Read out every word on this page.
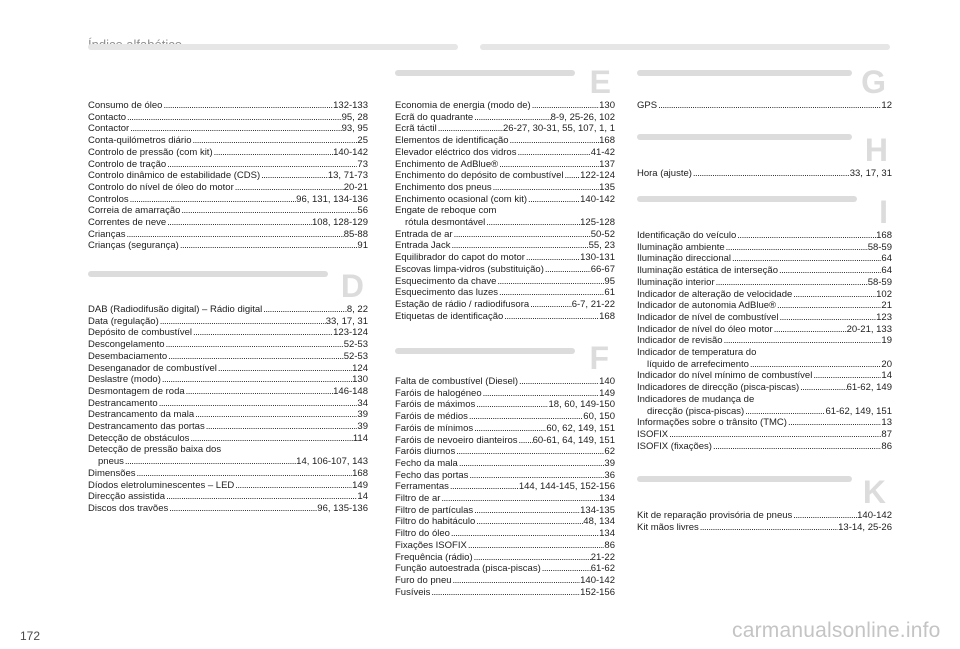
Consumo de óleo .....	132-133
Contacto .....	95, 28
Contactor .....	93, 95
Conta-quilómetros diário .....	25
Controlo de pressão (com kit) .....	140-142
Controlo de tração .....	73
Controlo dinâmico de estabilidade (CDS) .....	13, 71-73
Controlo do nível de óleo do motor .....	20-21
Controlos .....	96, 131, 134-136
Correia de amarração .....	56
Correntes de neve .....	108, 128-129
Crianças .....	85-88
Crianças (segurança) .....	91
D
DAB (Radiodifusão digital) – Rádio digital .....	8, 22
Data (regulação) .....	33, 17, 31
Depósito de combustível .....	123-124
Descongelamento .....	52-53
Desembaciamento .....	52-53
Desenganador de combustível .....	124
Deslastre (modo) .....	130
Desmontagem de roda .....	146-148
Destrancamento .....	34
Destrancamento da mala .....	39
Destrancamento das portas .....	39
Detecção de obstáculos .....	114
Detecção de pressão baixa dos
pneus .....	14, 106-107, 143
Dimensões .....	168
Díodos eletroluminescentes – LED .....	149
Direcção assistida .....	14
Discos dos travões .....	96, 135-136
E
Economia de energia (modo de) .....	130
Ecrã do quadrante .....	8-9, 25-26, 102
Ecrã táctil .....	26-27, 30-31, 55, 107, 1, 1
Elementos de identificação .....	168
Elevador eléctrico dos vidros .....	41-42
Enchimento de AdBlue® .....	137
Enchimento do depósito de combustível ..... 122-124
Enchimento dos pneus .....	135
Enchimento ocasional (com kit) .....	140-142
Engate de reboque com
rótula desmontável .....	125-128
Entrada de ar .....	50-52
Entrada Jack .....	55, 23
Equilibrador do capot do motor .....	130-131
Escovas limpa-vidros (substituição) .....	66-67
Esquecimento da chave .....	95
Esquecimento das luzes .....	61
Estação de rádio / radiodifusora .....	6-7, 21-22
Etiquetas de identificação .....	168
F
Falta de combustível (Diesel) .....	140
Faróis de halogéneo .....	149
Faróis de máximos .....	18, 60, 149-150
Faróis de médios .....	60, 150
Faróis de mínimos .....	60, 62, 149, 151
Faróis de nevoeiro dianteiros ..... 60-61, 64, 149, 151
Faróis diurnos .....	62
Fecho da mala .....	39
Fecho das portas .....	36
Ferramentas .....	144, 144-145, 152-156
Filtro de ar .....	134
Filtro de partículas .....	134-135
Filtro do habitáculo .....	48, 134
Filtro do óleo .....	134
Fixações ISOFIX .....	86
Frequência (rádio) .....	21-22
Função autoestrada (pisca-piscas) .....	61-62
Furo do pneu .....	140-142
Fusíveis .....	152-156
G
GPS .....	12
H
Hora (ajuste) .....	33, 17, 31
I
Identificação do veículo .....	168
Iluminação ambiente .....	58-59
Iluminação direccional .....	64
Iluminação estática de interseção .....	64
Iluminação interior .....	58-59
Indicador de alteração de velocidade .....	102
Indicador de autonomia AdBlue® .....	21
Indicador de nível de combustível .....	123
Indicador de nível do óleo motor .....	20-21, 133
Indicador de revisão .....	19
Indicador de temperatura do
líquido de arrefecimento .....	20
Indicador do nível mínimo de combustível .....	14
Indicadores de direcção (pisca-piscas) .....	61-62, 149
Indicadores de mudança de
direcção (pisca-piscas) .....	61-62, 149, 151
Informações sobre o trânsito (TMC) .....	13
ISOFIX .....	87
ISOFIX (fixações) .....	86
K
Kit de reparação provisória de pneus .....	140-142
Kit mãos livres .....	13-14, 25-26
172	carmanualsonline.info
